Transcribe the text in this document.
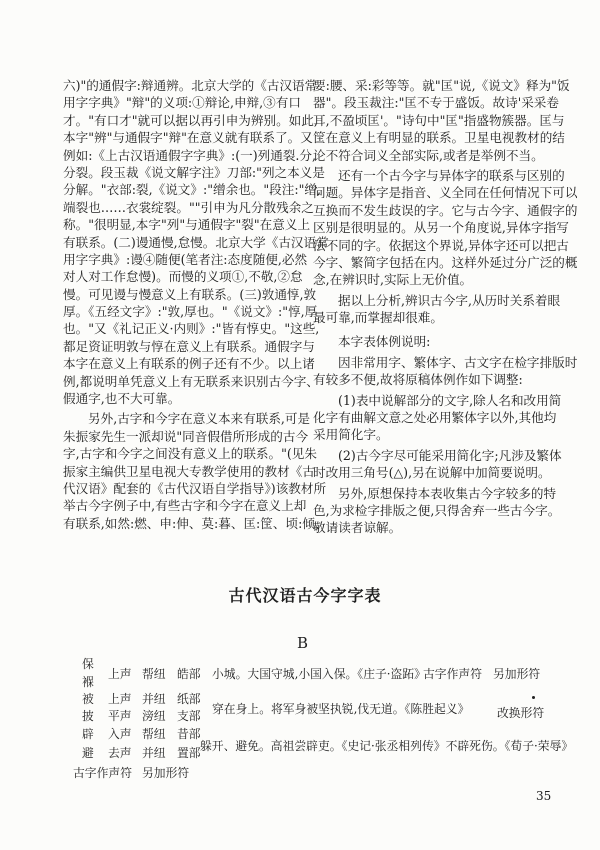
六)"的通假字:辩通辨。北京大学的《古汉语常
用字字典》"辩"的义项:①辩论,申辩,③有口
才。"有口才"就可以据以再引申为辨别。如此,
本字"辨"与通假字"辩"在意义就有联系了。又
例如:《上古汉语通假字字典》:(一)列通裂.分,
分裂。段玉裁《说文解字注》刀部:"列之本义是
分解。"衣部:裂,《说文》:"缯余也。"段注:"缯,
端裂也……衣裳绽裂。""引申为凡分散残余之
称。"很明显,本字"列"与通假字"裂"在意义上
有联系。(二)谩通慢,怠慢。北京大学《古汉语常
用字字典》:谩④随便(笔者注:态度随便,必然
对人对工作怠慢)。而慢的义项①,不敬,②怠
慢。可见谩与慢意义上有联系。(三)敦通惇,敦
厚。《五经文字》:"敦,厚也。"《说文》:"惇,厚
也。"又《礼记正义·内则》:"皆有惇史。"这些,
都足资证明敦与惇在意义上有联系。通假字与
本字在意义上有联系的例子还有不少。以上诸
例,都说明单凭意义上有无联系来识别古今字、
假通字,也不大可靠。
另外,古字和今字在意义本来有联系,可是
朱振家先生一派却说"同音假借所形成的古今
字,古字和今字之间没有意义上的联系。"(见朱
振家主编供卫星电视大专教学使用的教材《古
代汉语》配套的《古代汉语自学指导》)该教材所
举古今字例子中,有些古字和今字在意义上却
有联系,如然:燃、申:伸、莫:暮、匡:筐、顷:倾、
要:腰、采:彩等等。就"匡"说,《说文》释为"饭
器"。段玉裁注:"匡不专于盛饭。故诗'采采卷
耳,不盈顷匡'。"诗句中"匡"指盛物簇器。匡与
筐在意义上有明显的联系。卫星电视教材的结
论不符合词义全部实际,或者是举例不当。
还有一个古今字与异体字的联系与区别的
问题。异体字是指音、义全同在任何情况下可以
互换而不发生歧误的字。它与古今字、通假字的
区别是很明显的。从另一个角度说,异体字指写
法不同的字。依据这个界说,异体字还可以把古
今字、繁简字包括在内。这样外延过分广泛的概
念,在辨识时,实际上无价值。
据以上分析,辨识古今字,从历时关系着眼
最可靠,而掌握却很难。
本字表体例说明:
因非常用字、繁体字、古文字在检字排版时
有较多不便,故将原稿体例作如下调整:
(1)表中说解部分的文字,除人名和改用简
化字有曲解文意之处必用繁体字以外,其他均
采用简化字。
(2)古今字尽可能采用简化字;凡涉及繁体
时改用三角号(△),另在说解中加简要说明。
另外,原想保持本表收集古今字较多的特
色,为求检字排版之便,只得舍弃一些古今字。
敬请读者谅解。
古代汉语古今字字表
B
保
褓
上声 帮纽 皓部 小城。大国守城,小国入保。《庄子·盗跖》
古字作声符 另加形符
被 上声 并纽 纸部
披 平声 滂纽 支部 穿在身上。将军身被坚执锐,伐无道。《陈胜起义》 改换形符
辟 入声 帮纽 昔部
避 去声 并纽 置部 躲开、避免。高祖尝辟吏。《史记·张丞相列传》不辟死伤。《荀子·荣辱》
古字作声符 另加形符
35
